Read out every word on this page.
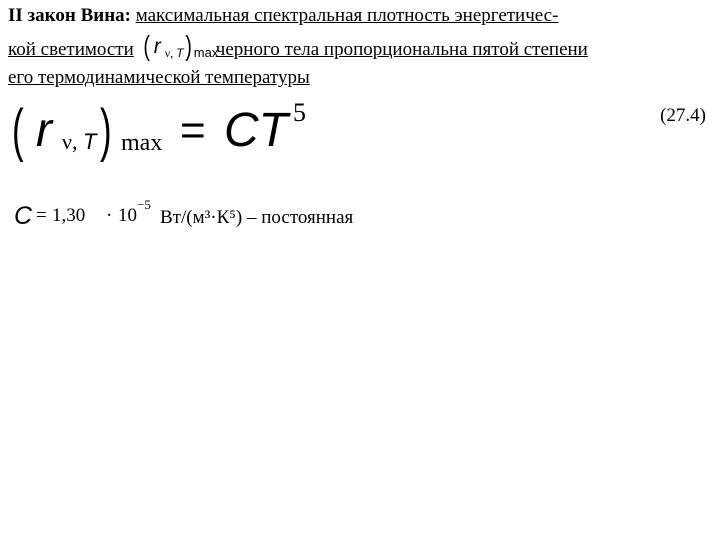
II закон Вина: максимальная спектральная плотность энергетичес-
кой светимости ( r ν, T ) max
черного тела пропорциональна пятой степени
его термодинамической температуры
( r ν, T ) max = CT 5	(27.4)
C = 1,30 · 10
−5
Вт/(м³·К⁵) – постоянная
